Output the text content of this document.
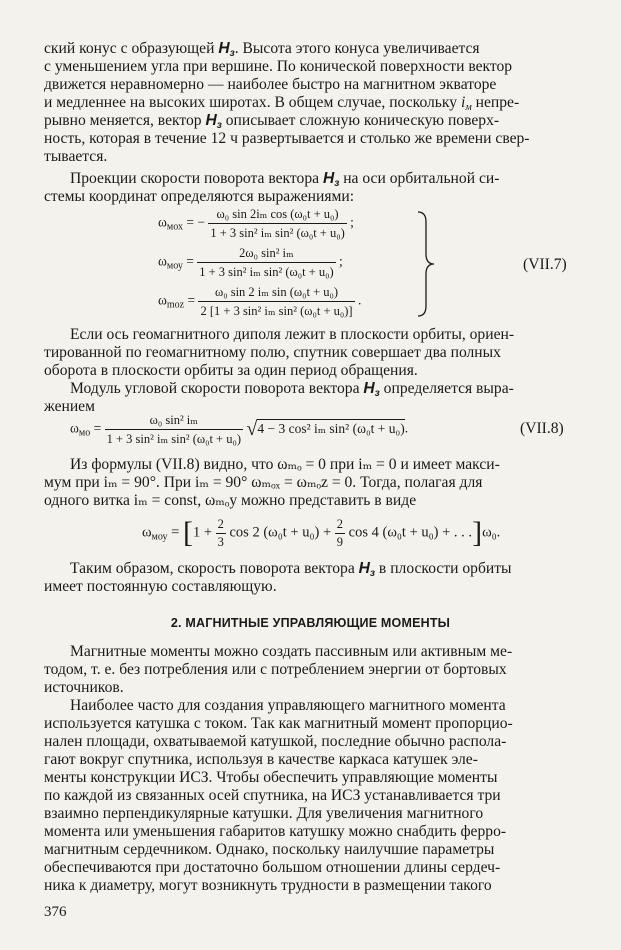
ский конус с образующей $H_з$. Высота этого конуса увеличивается

с уменьшением угла при вершине. По конической поверхности вектор

движется неравномерно — наиболее быстро на магнитном экваторе

и медленнее на высоких широтах. В общем случае, поскольку $i_м$ непре-

рывно меняется, вектор $H_з$ описывает сложную коническую поверх-

ность, которая в течение 12 ч развертывается и столько же времени свер-

тывается.

Проекции скорости поворота вектора $H_з$ на оси орбитальной си-

стемы координат определяются выражениями:

$\omega_{мох}$ = − $\frac{\text{ω₀ sin 2iₘ cos (ω₀t + u₀)}}{\text{1 + 3 sin² iₘ sin² (ω₀t + u₀)}}$ ;
$\omega_{моу} = \frac{\text{2ω₀ sin² iₘ}}{\text{1 + 3 sin² iₘ sin² (ω₀t + u₀)}}$ ;
$\omega_{moz} = \frac{\text{ω₀ sin 2 iₘ sin (ω₀t + u₀)}}{\text{2 [1 + 3 sin² iₘ sin² (ω₀t + u₀)]}}$ .
(VII.7)

Если ось геомагнитного диполя лежит в плоскости орбиты, ориен-

тированной по геомагнитному полю, спутник совершает два полных

оборота в плоскости орбиты за один период обращения.

Модуль угловой скорости поворота вектора $H_з$ определяется выра-

жением

$\omega_{мо} = \frac{\text{ω₀ sin² iₘ}}{\text{1 + 3 sin² iₘ sin² (ω₀t + u₀)}} √4 - 3$ cos² iₘ sin² (ω₀t + u₀).	(VII.8)

Из формулы (VII.8) видно, что ωₘₒ = 0 при iₘ = 0 и имеет макси-

мум при iₘ = 90°. При iₘ = 90° ωₘₒₓ = ωₘₒz = 0. Тогда, полагая для

одного витка iₘ = const, ωₘₒу можно представить в виде

$\omega_{моу} = [1 + \frac{2}{3}$ cos 2 $(\omega_0t + u_0) + \frac{2}{9}$ cos 4 (ω₀t + u₀) + . . .]ω₀.

Таким образом, скорость поворота вектора $H_з$ в плоскости орбиты

имеет постоянную составляющую.

2. МАГНИТНЫЕ УПРАВЛЯЮЩИЕ МОМЕНТЫ

Магнитные моменты можно создать пассивным или активным ме-

тодом, т. е. без потребления или с потреблением энергии от бортовых

источников.

Наиболее часто для создания управляющего магнитного момента

используется катушка с током. Так как магнитный момент пропорцио-

нален площади, охватываемой катушкой, последние обычно распола-

гают вокруг спутника, используя в качестве каркаса катушек эле-

менты конструкции ИСЗ. Чтобы обеспечить управляющие моменты

по каждой из связанных осей спутника, на ИСЗ устанавливается три

взаимно перпендикулярные катушки. Для увеличения магнитного

момента или уменьшения габаритов катушку можно снабдить ферро-

магнитным сердечником. Однако, поскольку наилучшие параметры

обеспечиваются при достаточно большом отношении длины сердеч-

ника к диаметру, могут возникнуть трудности в размещении такого

376
